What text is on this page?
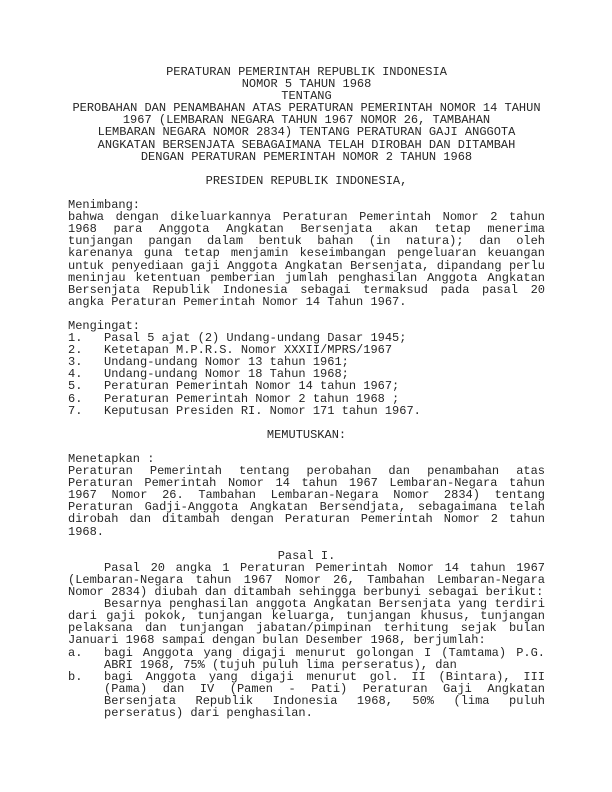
PERATURAN PEMERINTAH REPUBLIK INDONESIA
NOMOR 5 TAHUN 1968
TENTANG
PEROBAHAN DAN PENAMBAHAN ATAS PERATURAN PEMERINTAH NOMOR 14 TAHUN
1967 (LEMBARAN NEGARA TAHUN 1967 NOMOR 26, TAMBAHAN
LEMBARAN NEGARA NOMOR 2834) TENTANG PERATURAN GAJI ANGGOTA
ANGKATAN BERSENJATA SEBAGAIMANA TELAH DIROBAH DAN DITAMBAH
DENGAN PERATURAN PEMERINTAH NOMOR 2 TAHUN 1968
PRESIDEN REPUBLIK INDONESIA,
Menimbang:
bahwa dengan dikeluarkannya Peraturan Pemerintah Nomor 2 tahun
1968 para Anggota Angkatan Bersenjata akan tetap menerima
tunjangan pangan dalam bentuk bahan (in natura); dan oleh
karenanya guna tetap menjamin keseimbangan pengeluaran keuangan
untuk penyediaan gaji Anggota Angkatan Bersenjata, dipandang perlu
meninjau ketentuan pemberian jumlah penghasilan Anggota Angkatan
Bersenjata Republik Indonesia sebagai termaksud pada pasal 20
angka Peraturan Pemerintah Nomor 14 Tahun 1967.
Mengingat:
1.	Pasal 5 ajat (2) Undang-undang Dasar 1945;
2.	Ketetapan M.P.R.S. Nomor XXXII/MPRS/1967
3.	Undang-undang Nomor 13 tahun 1961;
4.	Undang-undang Nomor 18 Tahun 1968;
5.	Peraturan Pemerintah Nomor 14 tahun 1967;
6.	Peraturan Pemerintah Nomor 2 tahun 1968 ;
7.	Keputusan Presiden RI. Nomor 171 tahun 1967.
MEMUTUSKAN:
Menetapkan :
Peraturan Pemerintah tentang perobahan dan penambahan atas
Peraturan Pemerintah Nomor 14 tahun 1967 Lembaran-Negara tahun
1967 Nomor 26. Tambahan Lembaran-Negara Nomor 2834) tentang
Peraturan Gadji-Anggota Angkatan Bersendjata, sebagaimana telah
dirobah dan ditambah dengan Peraturan Pemerintah Nomor 2 tahun
1968.
Pasal I.
Pasal 20 angka 1 Peraturan Pemerintah Nomor 14 tahun 1967
(Lembaran-Negara tahun 1967 Nomor 26, Tambahan Lembaran-Negara
Nomor 2834) diubah dan ditambah sehingga berbunyi sebagai berikut:
Besarnya penghasilan anggota Angkatan Bersenjata yang terdiri
dari gaji pokok, tunjangan keluarga, tunjangan khusus, tunjangan
pelaksana dan tunjangan jabatan/pimpinan terhitung sejak bulan
Januari 1968 sampai dengan bulan Desember 1968, berjumlah:
a.	bagi Anggota yang digaji menurut golongan I (Tamtama) P.G.
ABRI 1968, 75% (tujuh puluh lima perseratus), dan
b.	bagi Anggota yang digaji menurut gol. II (Bintara), III
(Pama) dan IV (Pamen - Pati) Peraturan Gaji Angkatan
Bersenjata Republik Indonesia 1968, 50% (lima puluh
perseratus) dari penghasilan.
